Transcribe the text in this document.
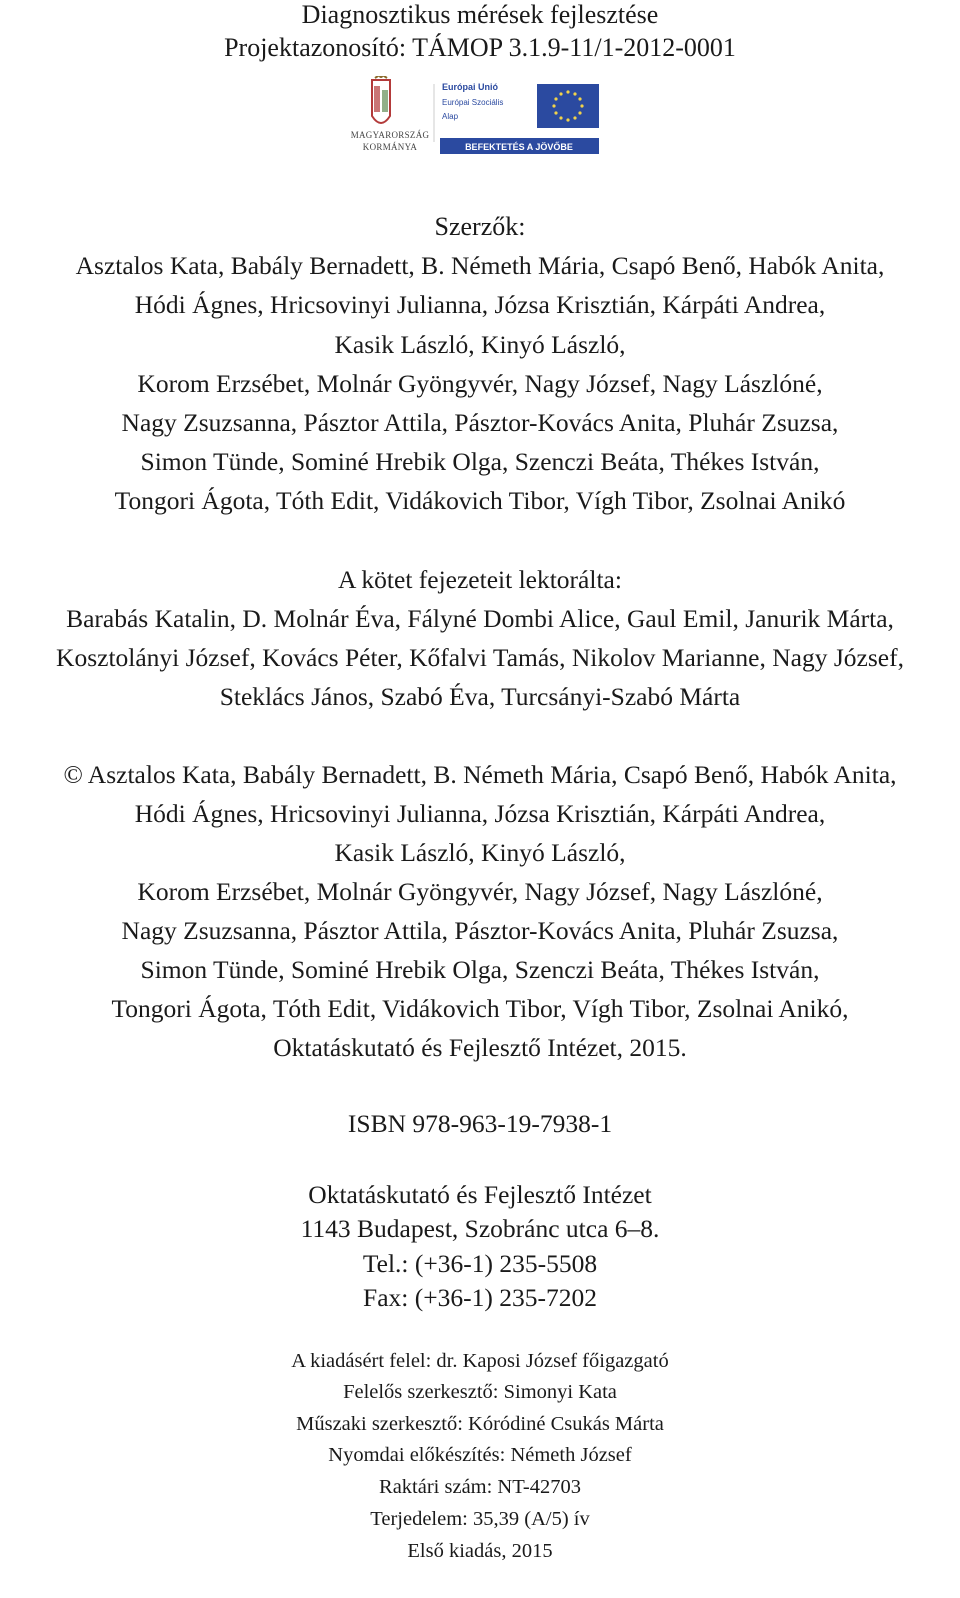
Diagnosztikus mérések fejlesztése
Projektazonosító: TÁMOP 3.1.9-11/1-2012-0001
MAGYARORSZÁG
KORMÁNYA
Európai Unió
Európai Szociális
Alap
BEFEKTETÉS A JÖVŐBE
Szerzők:
Asztalos Kata, Babály Bernadett, B. Németh Mária, Csapó Benő, Habók Anita,
Hódi Ágnes, Hricsovinyi Julianna, Józsa Krisztián, Kárpáti Andrea,
Kasik László, Kinyó László,
Korom Erzsébet, Molnár Gyöngyvér, Nagy József, Nagy Lászlóné,
Nagy Zsuzsanna, Pásztor Attila, Pásztor-Kovács Anita, Pluhár Zsuzsa,
Simon Tünde, Sominé Hrebik Olga, Szenczi Beáta, Thékes István,
Tongori Ágota, Tóth Edit, Vidákovich Tibor, Vígh Tibor, Zsolnai Anikó
A kötet fejezeteit lektorálta:
Barabás Katalin, D. Molnár Éva, Fályné Dombi Alice, Gaul Emil, Janurik Márta,
Kosztolányi József, Kovács Péter, Kőfalvi Tamás, Nikolov Marianne, Nagy József,
Steklács János, Szabó Éva, Turcsányi-Szabó Márta
© Asztalos Kata, Babály Bernadett, B. Németh Mária, Csapó Benő, Habók Anita,
Hódi Ágnes, Hricsovinyi Julianna, Józsa Krisztián, Kárpáti Andrea,
Kasik László, Kinyó László,
Korom Erzsébet, Molnár Gyöngyvér, Nagy József, Nagy Lászlóné,
Nagy Zsuzsanna, Pásztor Attila, Pásztor-Kovács Anita, Pluhár Zsuzsa,
Simon Tünde, Sominé Hrebik Olga, Szenczi Beáta, Thékes István,
Tongori Ágota, Tóth Edit, Vidákovich Tibor, Vígh Tibor, Zsolnai Anikó,
Oktatáskutató és Fejlesztő Intézet, 2015.
ISBN 978-963-19-7938-1
Oktatáskutató és Fejlesztő Intézet
1143 Budapest, Szobránc utca 6–8.
Tel.: (+36-1) 235-5508
Fax: (+36-1) 235-7202
A kiadásért felel: dr. Kaposi József főigazgató
Felelős szerkesztő: Simonyi Kata
Műszaki szerkesztő: Kóródiné Csukás Márta
Nyomdai előkészítés: Németh József
Raktári szám: NT-42703
Terjedelem: 35,39 (A/5) ív
Első kiadás, 2015
